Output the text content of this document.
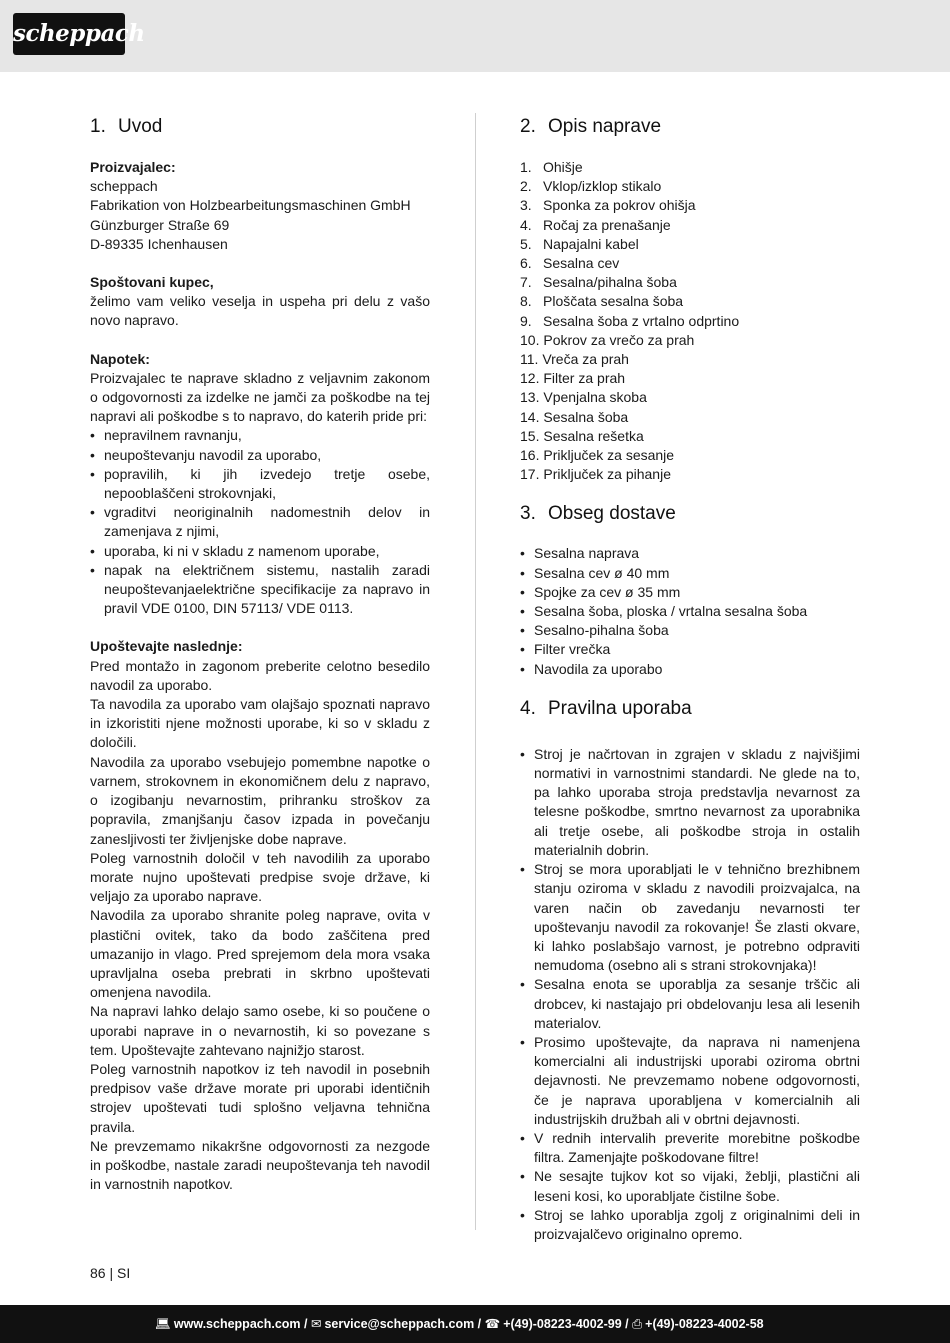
scheppach
1. Uvod
Proizvajalec:
scheppach
Fabrikation von Holzbearbeitungsmaschinen GmbH
Günzburger Straße 69
D-89335 Ichenhausen
Spoštovani kupec,
želimo vam veliko veselja in uspeha pri delu z vašo novo napravo.
Napotek:
Proizvajalec te naprave skladno z veljavnim zakonom o odgovornosti za izdelke ne jamči za poškodbe na tej napravi ali poškodbe s to napravo, do katerih pride pri:
• nepravilnem ravnanju,
• neupoštevanju navodil za uporabo,
• popravilih, ki jih izvedejo tretje osebe, nepooblaščeni strokovnjaki,
• vgraditvi neoriginalnih nadomestnih delov in zamenjava z njimi,
• uporaba, ki ni v skladu z namenom uporabe,
• napak na električnem sistemu, nastalih zaradi neupoštevanjaelektrične specifikacije za napravo in pravil VDE 0100, DIN 57113/ VDE 0113.
Upoštevajte naslednje:
Pred montažo in zagonom preberite celotno besedilo navodil za uporabo.
Ta navodila za uporabo vam olajšajo spoznati napravo in izkoristiti njene možnosti uporabe, ki so v skladu z določili.
Navodila za uporabo vsebujejo pomembne napotke o varnem, strokovnem in ekonomičnem delu z napravo, o izogibanju nevarnostim, prihranku stroškov za popravila, zmanjšanju časov izpada in povečanju zanesljivosti ter življenjske dobe naprave.
Poleg varnostnih določil v teh navodilih za uporabo morate nujno upoštevati predpise svoje države, ki veljajo za uporabo naprave.
Navodila za uporabo shranite poleg naprave, ovita v plastični ovitek, tako da bodo zaščitena pred umazanijo in vlago. Pred sprejemom dela mora vsaka upravljalna oseba prebrati in skrbno upoštevati omenjena navodila.
Na napravi lahko delajo samo osebe, ki so poučene o uporabi naprave in o nevarnostih, ki so povezane s tem. Upoštevajte zahtevano najnižjo starost.
Poleg varnostnih napotkov iz teh navodil in posebnih predpisov vaše države morate pri uporabi identičnih strojev upoštevati tudi splošno veljavna tehnična pravila.
Ne prevzemamo nikakršne odgovornosti za nezgode in poškodbe, nastale zaradi neupoštevanja teh navodil in varnostnih napotkov.
2. Opis naprave
1. Ohišje
2. Vklop/izklop stikalo
3. Sponka za pokrov ohišja
4. Ročaj za prenašanje
5. Napajalni kabel
6. Sesalna cev
7. Sesalna/pihalna šoba
8. Ploščata sesalna šoba
9. Sesalna šoba z vrtalno odprtino
10. Pokrov za vrečo za prah
11. Vreča za prah
12. Filter za prah
13. Vpenjalna skoba
14. Sesalna šoba
15. Sesalna rešetka
16. Priključek za sesanje
17. Priključek za pihanje
3. Obseg dostave
• Sesalna naprava
• Sesalna cev ø 40 mm
• Spojke za cev ø 35 mm
• Sesalna šoba, ploska / vrtalna sesalna šoba
• Sesalno-pihalna šoba
• Filter vrečka
• Navodila za uporabo
4. Pravilna uporaba
• Stroj je načrtovan in zgrajen v skladu z najvišjimi normativi in varnostnimi standardi. Ne glede na to, pa lahko uporaba stroja predstavlja nevarnost za telesne poškodbe, smrtno nevarnost za uporabnika ali tretje osebe, ali poškodbe stroja in ostalih materialnih dobrin.
• Stroj se mora uporabljati le v tehnično brezhibnem stanju oziroma v skladu z navodili proizvajalca, na varen način ob zavedanju nevarnosti ter upoštevanju navodil za rokovanje! Še zlasti okvare, ki lahko poslabšajo varnost, je potrebno odpraviti nemudoma (osebno ali s strani strokovnjaka)!
• Sesalna enota se uporablja za sesanje trščic ali drobcev, ki nastajajo pri obdelovanju lesa ali lesenih materialov.
• Prosimo upoštevajte, da naprava ni namenjena komercialni ali industrijski uporabi oziroma obrtni dejavnosti. Ne prevzemamo nobene odgovornosti, če je naprava uporabljena v komercialnih ali industrijskih družbah ali v obrtni dejavnosti.
• V rednih intervalih preverite morebitne poškodbe filtra. Zamenjajte poškodovane filtre!
• Ne sesajte tujkov kot so vijaki, žeblji, plastični ali leseni kosi, ko uporabljate čistilne šobe.
• Stroj se lahko uporablja zgolj z originalnimi deli in proizvajalčevo originalno opremo.
86 | SI
💻︎ www.scheppach.com / ✉︎ service@scheppach.com / ☎︎ +(49)-08223-4002-99 / ⎙ +(49)-08223-4002-58
